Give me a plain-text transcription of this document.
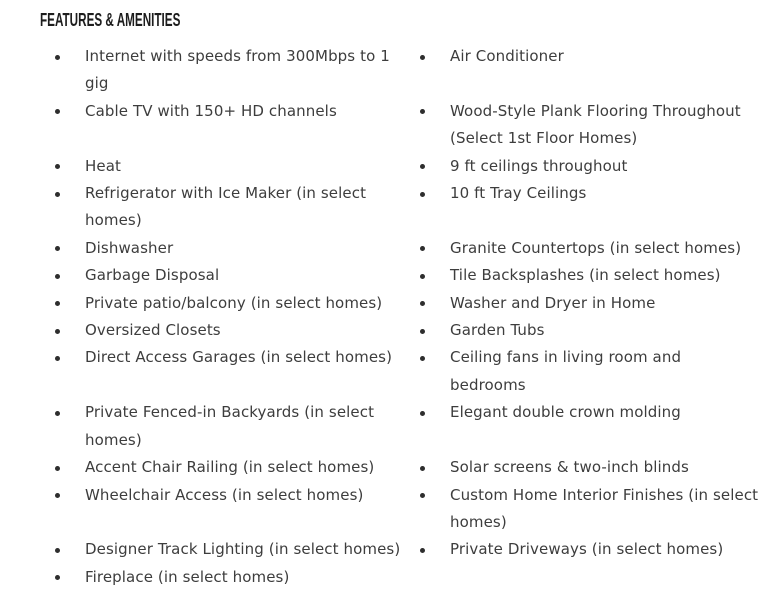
FEATURES & AMENITIES
Internet with speeds from 300Mbps to 1 gig
Air Conditioner
Cable TV with 150+ HD channels	Wood-Style Plank Flooring Throughout (Select 1st Floor Homes)
Heat	9 ft ceilings throughout
Refrigerator with Ice Maker (in select homes)
10 ft Tray Ceilings
Dishwasher	Granite Countertops (in select homes)
Garbage Disposal	Tile Backsplashes (in select homes)
Private patio/balcony (in select homes)	Washer and Dryer in Home
Oversized Closets	Garden Tubs
Direct Access Garages (in select homes)	Ceiling fans in living room and bedrooms
Private Fenced-in Backyards (in select homes)
Elegant double crown molding
Accent Chair Railing (in select homes)	Solar screens & two-inch blinds
Wheelchair Access (in select homes)	Custom Home Interior Finishes (in select homes)
Designer Track Lighting (in select homes)	Private Driveways (in select homes)
Fireplace (in select homes)
